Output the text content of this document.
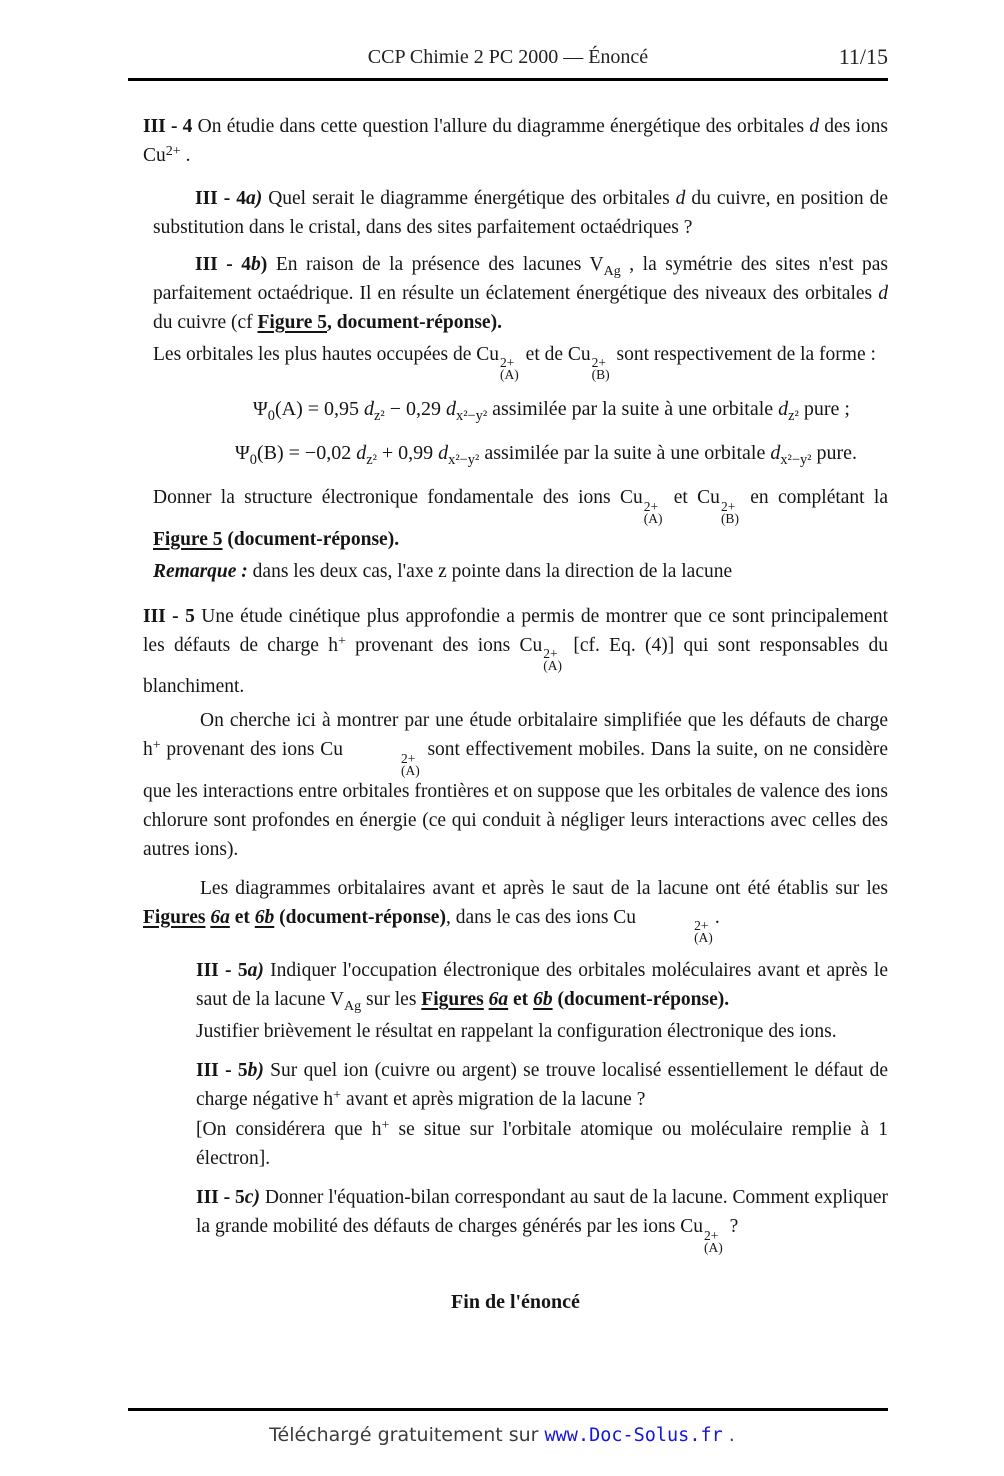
CCP Chimie 2 PC 2000 — Énoncé	11/15

III - 4 On étudie dans cette question l'allure du diagramme énergétique des orbitales d des ions $Cu^{2+}$ .

III - 4a) Quel serait le diagramme énergétique des orbitales d du cuivre, en position de substitution dans le cristal, dans des sites parfaitement octaédriques ?

III - 4b) En raison de la présence des lacunes $V_{Ag}$ , la symétrie des sites n'est pas parfaitement octaédrique. Il en résulte un éclatement énergétique des niveaux des orbitales d du cuivre (cf Figure 5, document-réponse).

Les orbitales les plus hautes occupées de Cu 2+
(A)
et de Cu 2+
(B)
sont respectivement de la forme :

$\Psi_0(A) = 0,95$ $d_{z^2} - 0,29$ $d_{x^2-y^2}$ assimilée par la suite à une orbitale $d_{z^2}$ pure ;

$\Psi_0(B) = -0,02$ $d_{z^2} + 0,99$ $d_{x^2-y^2}$ assimilée par la suite à une orbitale $d_{x^2-y^2}$ pure.

Donner la structure électronique fondamentale des ions Cu 2+
(A)
et Cu 2+
(B)
en complétant la Figure 5 (document-réponse).

Remarque : dans les deux cas, l'axe z pointe dans la direction de la lacune

III - 5 Une étude cinétique plus approfondie a permis de montrer que ce sont principalement les défauts de charge h+ provenant des ions Cu 2+
(A)
[cf. Eq. (4)] qui sont responsables du blanchiment.

On cherche ici à montrer par une étude orbitalaire simplifiée que les défauts de charge h+ provenant des ions Cu	2+
(A)
sont effectivement mobiles. Dans la suite, on ne considère que les interactions entre orbitales frontières et on suppose que les orbitales de valence des ions chlorure sont profondes en énergie (ce qui conduit à négliger leurs interactions avec celles des autres ions).

Les diagrammes orbitalaires avant et après le saut de la lacune ont été établis sur les Figures 6a et 6b (document-réponse), dans le cas des ions Cu	2+
(A)
.

III - 5a) Indiquer l'occupation électronique des orbitales moléculaires avant et après le saut de la lacune $V_{Ag}$ sur les Figures 6a et 6b (document-réponse).

Justifier brièvement le résultat en rappelant la configuration électronique des ions.

III - 5b) Sur quel ion (cuivre ou argent) se trouve localisé essentiellement le défaut de charge négative h+ avant et après migration de la lacune ?

[On considérera que h+ se situe sur l'orbitale atomique ou moléculaire remplie à 1 électron].

III - 5c) Donner l'équation-bilan correspondant au saut de la lacune. Comment expliquer la grande mobilité des défauts de charges générés par les ions Cu 2+
(A)
?

Fin de l'énoncé

Téléchargé gratuitement sur www.Doc-Solus.fr .
